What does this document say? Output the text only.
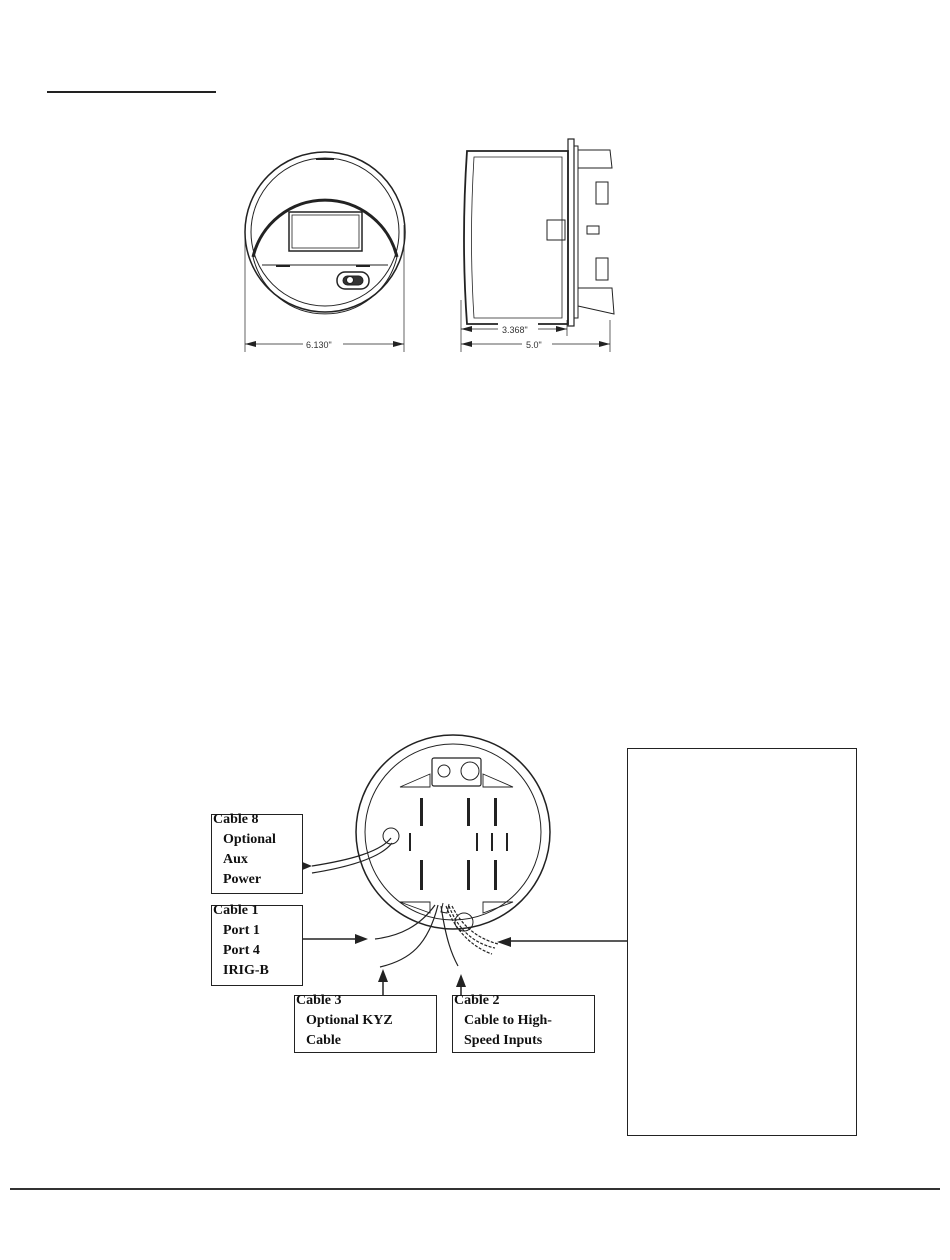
6.130"
3.368"
5.0"
Cable 8
Optional
Aux
Power
Cable 1
Port 1
Port 4
IRIG-B
Cable 3
Optional KYZ
Cable
Cable 2
Cable to High-
Speed Inputs
